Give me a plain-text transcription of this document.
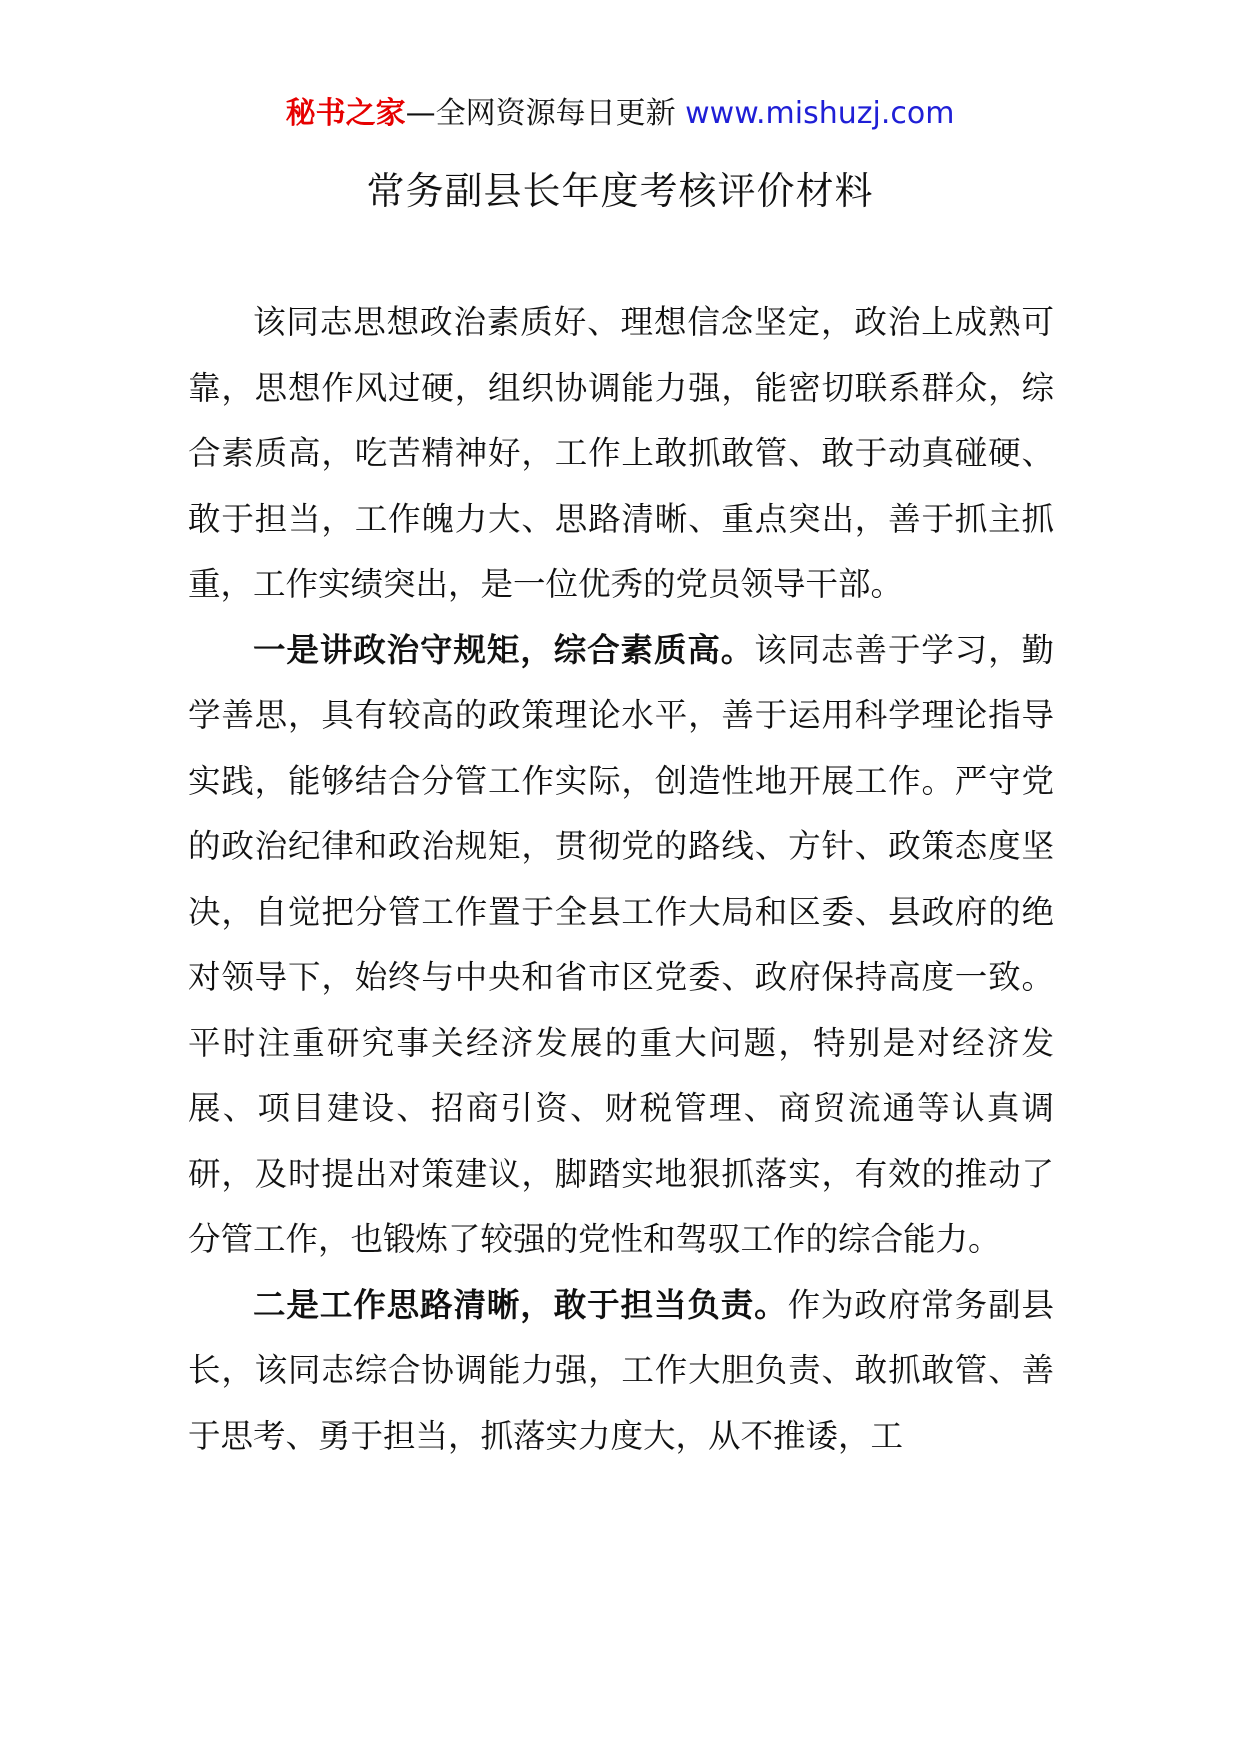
秘书之家—全网资源每日更新 www.mishuzj.com
常务副县长年度考核评价材料

该同志思想政治素质好、理想信念坚定，政治上成熟可靠，思想作风过硬，组织协调能力强，能密切联系群众，综合素质高，吃苦精神好，工作上敢抓敢管、敢于动真碰硬、敢于担当，工作魄力大、思路清晰、重点突出，善于抓主抓重，工作实绩突出，是一位优秀的党员领导干部。

一是讲政治守规矩，综合素质高。该同志善于学习，勤学善思，具有较高的政策理论水平，善于运用科学理论指导实践，能够结合分管工作实际，创造性地开展工作。严守党的政治纪律和政治规矩，贯彻党的路线、方针、政策态度坚决，自觉把分管工作置于全县工作大局和区委、县政府的绝对领导下，始终与中央和省市区党委、政府保持高度一致。平时注重研究事关经济发展的重大问题，特别是对经济发展、项目建设、招商引资、财税管理、商贸流通等认真调研，及时提出对策建议，脚踏实地狠抓落实，有效的推动了分管工作，也锻炼了较强的党性和驾驭工作的综合能力。

二是工作思路清晰，敢于担当负责。作为政府常务副县长，该同志综合协调能力强，工作大胆负责、敢抓敢管、善于思考、勇于担当，抓落实力度大，从不推诿，工
